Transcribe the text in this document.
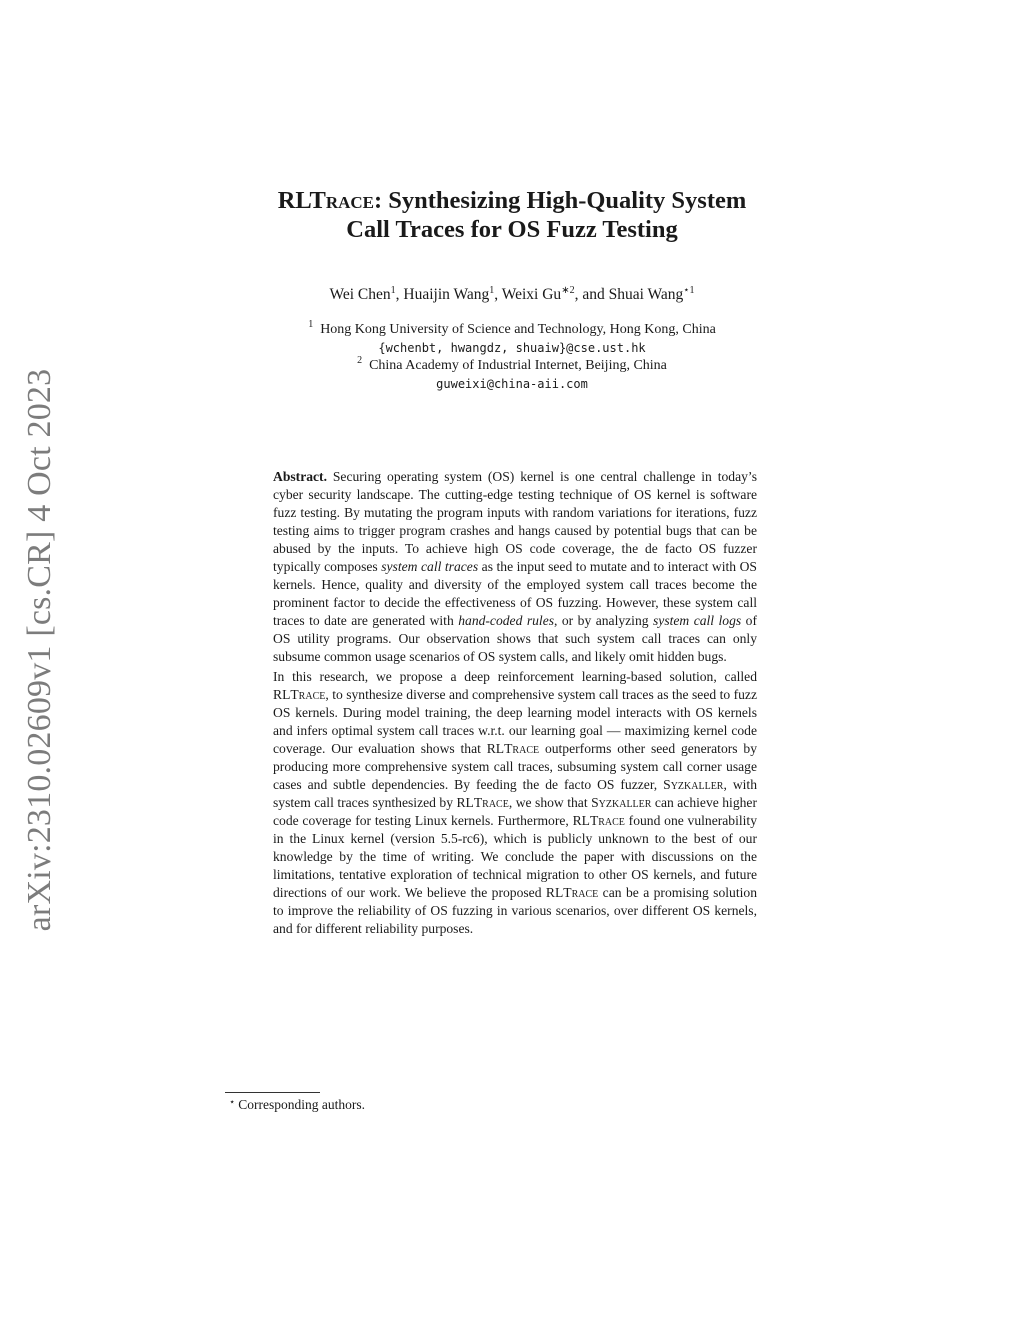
arXiv:2310.02609v1 [cs.CR] 4 Oct 2023
RLTrace: Synthesizing High-Quality System
Call Traces for OS Fuzz Testing
Wei Chen$^1$, Huaijin Wang$^1$, Weixi $Gu^{∗2}$, and Shuai Wang$^{⋆1}$
$^1$ Hong Kong University of Science and Technology, Hong Kong, China
{wchenbt, hwangdz, shuaiw}@cse.ust.hk
$^2$ China Academy of Industrial Internet, Beijing, China
guweixi@china-aii.com

Abstract. Securing operating system (OS) kernel is one central challenge in today’s cyber security landscape. The cutting-edge testing technique of OS kernel is software fuzz testing. By mutating the program inputs with random variations for iterations, fuzz testing aims to trigger program crashes and hangs caused by potential bugs that can be abused by the inputs. To achieve high OS code coverage, the de facto OS fuzzer typically composes system call traces as the input seed to mutate and to interact with OS kernels. Hence, quality and diversity of the employed system call traces become the prominent factor to decide the effectiveness of OS fuzzing. However, these system call traces to date are generated with hand-coded rules, or by analyzing system call logs of OS utility programs. Our observation shows that such system call traces can only subsume common usage scenarios of OS system calls, and likely omit hidden bugs.

In this research, we propose a deep reinforcement learning-based solution, called RLTrace, to synthesize diverse and comprehensive system call traces as the seed to fuzz OS kernels. During model training, the deep learning model interacts with OS kernels and infers optimal system call traces w.r.t. our learning goal — maximizing kernel code coverage. Our evaluation shows that RLTrace outperforms other seed generators by producing more comprehensive system call traces, subsuming system call corner usage cases and subtle dependencies. By feeding the de facto OS fuzzer, Syzkaller, with system call traces synthesized by RLTrace, we show that Syzkaller can achieve higher code coverage for testing Linux kernels. Furthermore, RLTrace found one vulnerability in the Linux kernel (version 5.5-rc6), which is publicly unknown to the best of our knowledge by the time of writing. We conclude the paper with discussions on the limitations, tentative exploration of technical migration to other OS kernels, and future directions of our work. We believe the proposed RLTrace can be a promising solution to improve the reliability of OS fuzzing in various scenarios, over different OS kernels, and for different reliability purposes.

⋆ Corresponding authors.
